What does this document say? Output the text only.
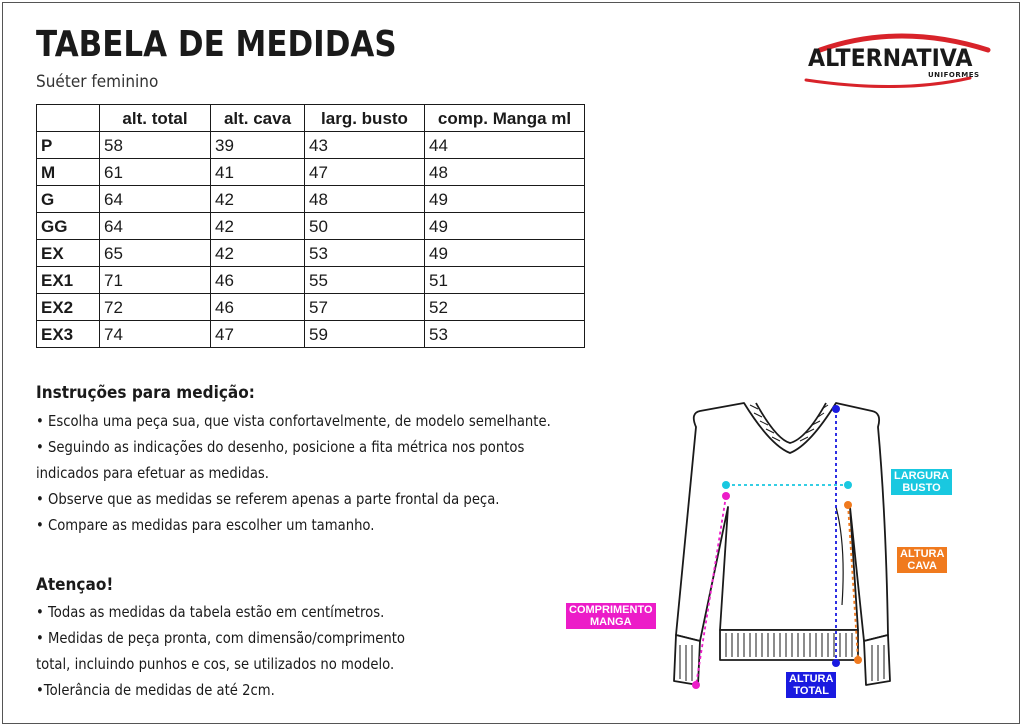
TABELA DE MEDIDAS
Suéter feminino
ALTERNATIVA
UNIFORMES
	alt. total	alt. cava	larg. busto	comp. Manga ml
P	58	39	43	44
M	61	41	47	48
G	64	42	48	49
GG	64	42	50	49
EX	65	42	53	49
EX1	71	46	55	51
EX2	72	46	57	52
EX3	74	47	59	53
Instruções para medição:

• Escolha uma peça sua, que vista confortavelmente, de modelo semelhante.

• Seguindo as indicações do desenho, posicione a fita métrica nos pontos

indicados para efetuar as medidas.

• Observe que as medidas se referem apenas a parte frontal da peça.

• Compare as medidas para escolher um tamanho.

Atençao!

• Todas as medidas da tabela estão em centímetros.

• Medidas de peça pronta, com dimensão/comprimento

total, incluindo punhos e cos, se utilizados no modelo.

•Tolerância de medidas de até 2cm.

LARGURA
BUSTO
ALTURA
CAVA
COMPRIMENTO
MANGA
ALTURA
TOTAL
